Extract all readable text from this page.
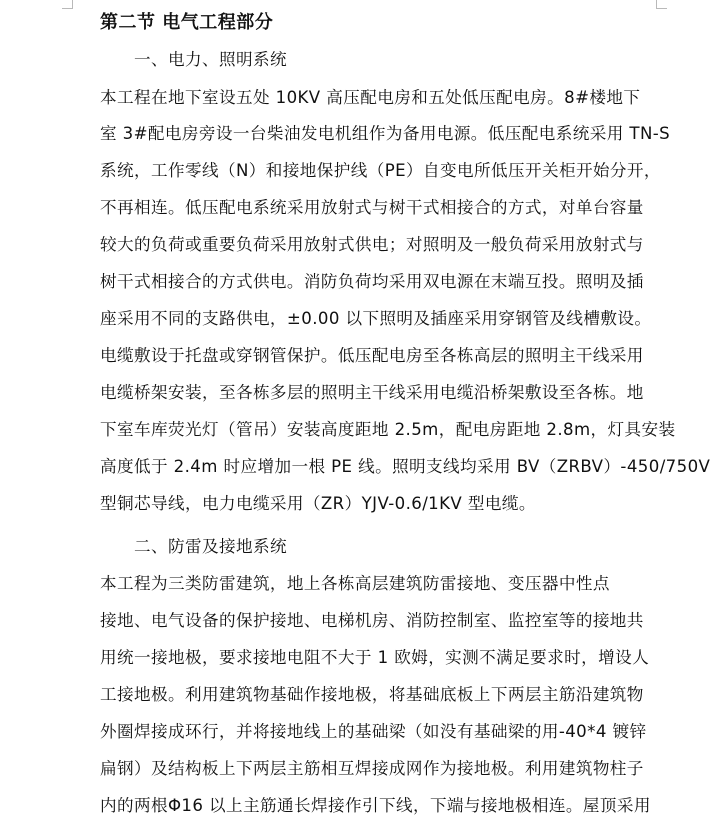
第二节 电气工程部分
一、电力、照明系统
本工程在地下室设五处 10KV 高压配电房和五处低压配电房。8#楼地下
室 3#配电房旁设一台柴油发电机组作为备用电源。低压配电系统采用 TN-S
系统，工作零线（N）和接地保护线（PE）自变电所低压开关柜开始分开，
不再相连。低压配电系统采用放射式与树干式相接合的方式，对单台容量
较大的负荷或重要负荷采用放射式供电；对照明及一般负荷采用放射式与
树干式相接合的方式供电。消防负荷均采用双电源在末端互投。照明及插
座采用不同的支路供电，±0.00 以下照明及插座采用穿钢管及线槽敷设。
电缆敷设于托盘或穿钢管保护。低压配电房至各栋高层的照明主干线采用
电缆桥架安装，至各栋多层的照明主干线采用电缆沿桥架敷设至各栋。地
下室车库荧光灯（管吊）安装高度距地 2.5m，配电房距地 2.8m，灯具安装
高度低于 2.4m 时应增加一根 PE 线。照明支线均采用 BV（ZRBV）-450/750V
型铜芯导线，电力电缆采用（ZR）YJV-0.6/1KV 型电缆。
二、防雷及接地系统
本工程为三类防雷建筑，地上各栋高层建筑防雷接地、变压器中性点
接地、电气设备的保护接地、电梯机房、消防控制室、监控室等的接地共
用统一接地极，要求接地电阻不大于 1 欧姆，实测不满足要求时，增设人
工接地极。利用建筑物基础作接地极，将基础底板上下两层主筋沿建筑物
外圈焊接成环行，并将接地线上的基础梁（如没有基础梁的用-40*4 镀锌
扁钢）及结构板上下两层主筋相互焊接成网作为接地极。利用建筑物柱子
内的两根Φ16 以上主筋通长焊接作引下线，下端与接地极相连。屋顶采用
